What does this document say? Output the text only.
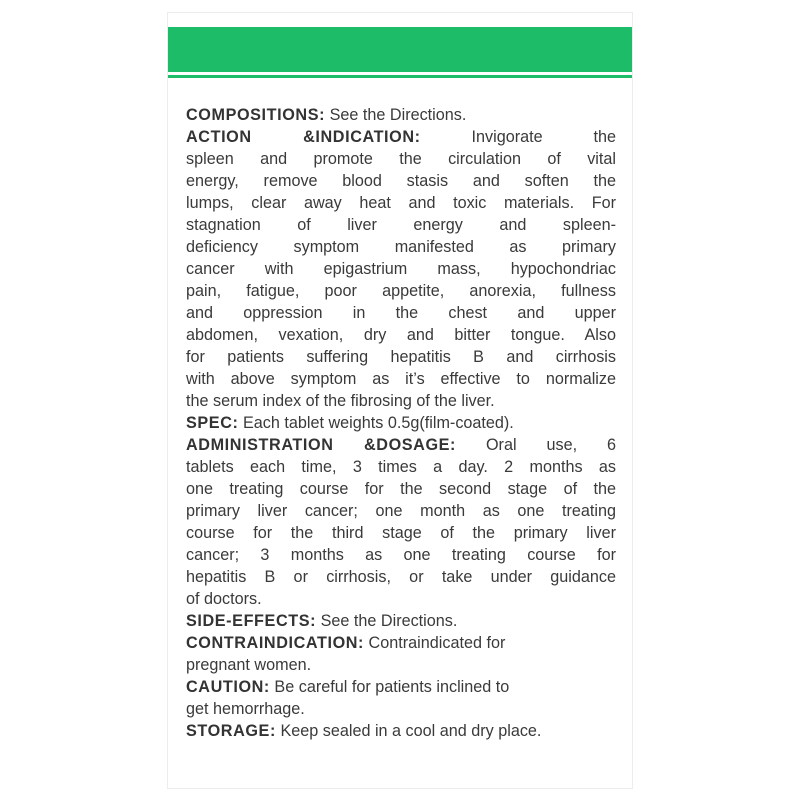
COMPOSITIONS: See the Directions.
ACTION &INDICATION: Invigorate the
spleen and promote the circulation of vital
energy, remove blood stasis and soften the
lumps, clear away heat and toxic materials. For
stagnation of liver energy and spleen-
deficiency symptom manifested as primary
cancer with epigastrium mass, hypochondriac
pain, fatigue, poor appetite, anorexia, fullness
and oppression in the chest and upper
abdomen, vexation, dry and bitter tongue. Also
for patients suffering hepatitis B and cirrhosis
with above symptom as it’s effective to normalize
the serum index of the fibrosing of the liver.
SPEC: Each tablet weights 0.5g(film-coated).
ADMINISTRATION &DOSAGE: Oral use, 6
tablets each time, 3 times a day. 2 months as
one treating course for the second stage of the
primary liver cancer; one month as one treating
course for the third stage of the primary liver
cancer; 3 months as one treating course for
hepatitis B or cirrhosis, or take under guidance
of doctors.
SIDE-EFFECTS: See the Directions.
CONTRAINDICATION: Contraindicated for
pregnant women.
CAUTION: Be careful for patients inclined to
get hemorrhage.
STORAGE: Keep sealed in a cool and dry place.
